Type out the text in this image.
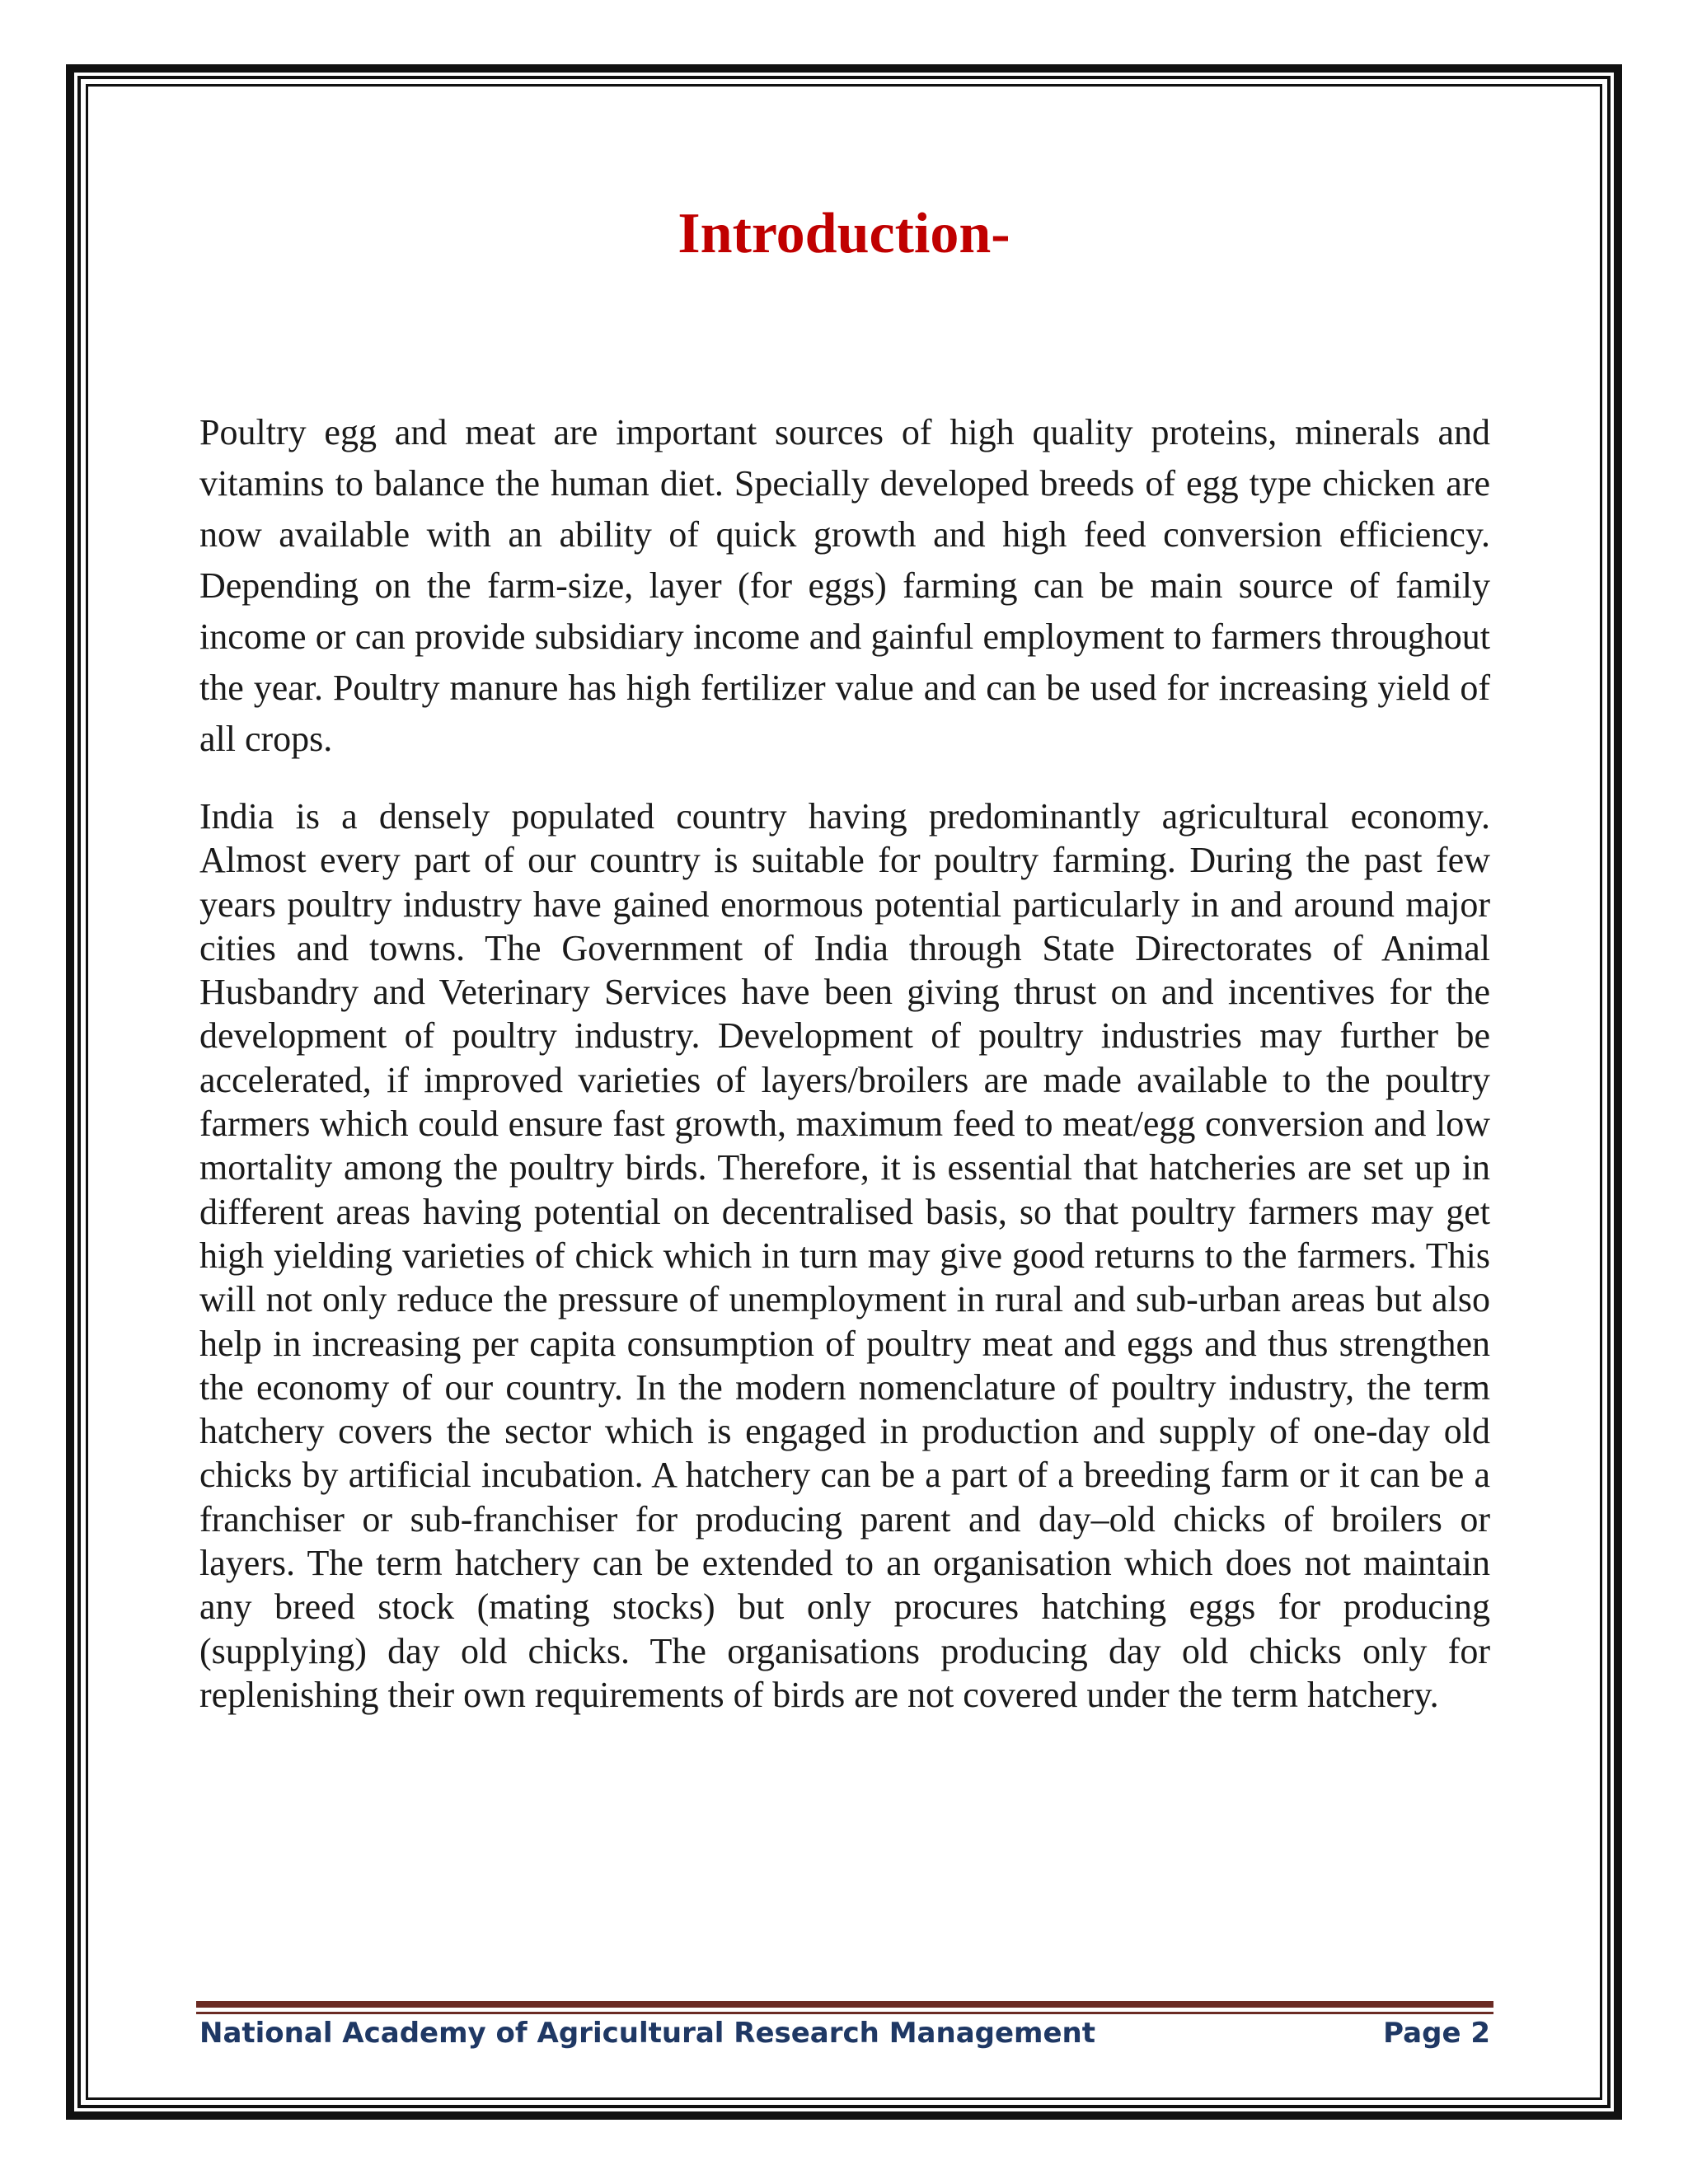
Introduction-

Poultry egg and meat are important sources of high quality proteins, minerals and vitamins to balance the human diet. Specially developed breeds of egg type chicken are now available with an ability of quick growth and high feed conversion efficiency. Depending on the farm-size, layer (for eggs) farming can be main source of family income or can provide subsidiary income and gainful employment to farmers throughout the year. Poultry manure has high fertilizer value and can be used for increasing yield of all crops.

India is a densely populated country having predominantly agricultural economy. Almost every part of our country is suitable for poultry farming. During the past few years poultry industry have gained enormous potential particularly in and around major cities and towns. The Government of India through State Directorates of Animal Husbandry and Veterinary Services have been giving thrust on and incentives for the development of poultry industry. Development of poultry industries may further be accelerated, if improved varieties of layers/broilers are made available to the poultry farmers which could ensure fast growth, maximum feed to meat/egg conversion and low mortality among the poultry birds. Therefore, it is essential that hatcheries are set up in different areas having potential on decentralised basis, so that poultry farmers may get high yielding varieties of chick which in turn may give good returns to the farmers. This will not only reduce the pressure of unemployment in rural and sub-urban areas but also help in increasing per capita consumption of poultry meat and eggs and thus strengthen the economy of our country. In the modern nomenclature of poultry industry, the term hatchery covers the sector which is engaged in production and supply of one-day old chicks by artificial incubation. A hatchery can be a part of a breeding farm or it can be a franchiser or sub-franchiser for producing parent and day–old chicks of broilers or layers. The term hatchery can be extended to an organisation which does not maintain any breed stock (mating stocks) but only procures hatching eggs for producing (supplying) day old chicks. The organisations producing day old chicks only for replenishing their own requirements of birds are not covered under the term hatchery.

National Academy of Agricultural Research Management	Page 2
